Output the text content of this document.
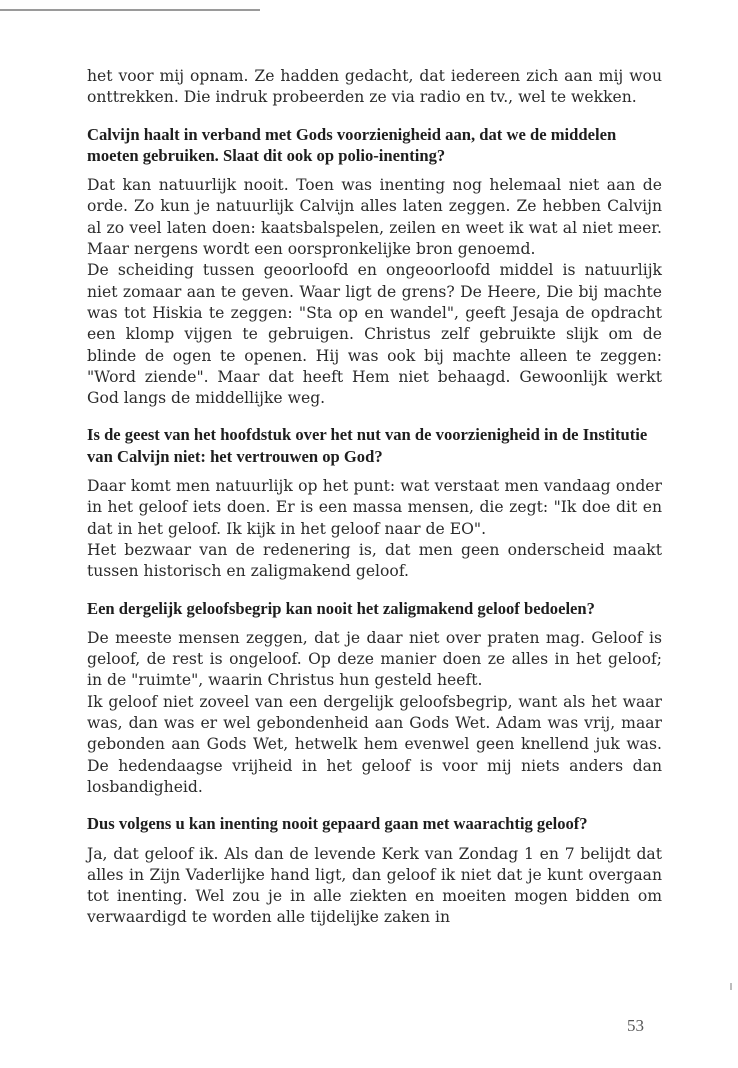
het voor mij opnam. Ze hadden gedacht, dat iedereen zich aan mij wou onttrekken. Die indruk probeerden ze via radio en tv., wel te wekken.

Calvijn haalt in verband met Gods voorzienigheid aan, dat we de middelen moeten gebruiken. Slaat dit ook op polio-inenting?

Dat kan natuurlijk nooit. Toen was inenting nog helemaal niet aan de orde. Zo kun je natuurlijk Calvijn alles laten zeggen. Ze hebben Calvijn al zo veel laten doen: kaatsbalspelen, zeilen en weet ik wat al niet meer. Maar nergens wordt een oorspronkelijke bron genoemd.

De scheiding tussen geoorloofd en ongeoorloofd middel is natuurlijk niet zomaar aan te geven. Waar ligt de grens? De Heere, Die bij machte was tot Hiskia te zeggen: "Sta op en wandel", geeft Jesaja de opdracht een klomp vijgen te gebruigen. Christus zelf gebruikte slijk om de blinde de ogen te openen. Hij was ook bij machte alleen te zeggen: "Word ziende". Maar dat heeft Hem niet behaagd. Gewoonlijk werkt God langs de middellijke weg.

Is de geest van het hoofdstuk over het nut van de voorzienigheid in de Institutie van Calvijn niet: het vertrouwen op God?

Daar komt men natuurlijk op het punt: wat verstaat men vandaag onder in het geloof iets doen. Er is een massa mensen, die zegt: "Ik doe dit en dat in het geloof. Ik kijk in het geloof naar de EO".

Het bezwaar van de redenering is, dat men geen onderscheid maakt tussen historisch en zaligmakend geloof.

Een dergelijk geloofsbegrip kan nooit het zaligmakend geloof bedoelen?

De meeste mensen zeggen, dat je daar niet over praten mag. Geloof is geloof, de rest is ongeloof. Op deze manier doen ze alles in het geloof; in de "ruimte", waarin Christus hun gesteld heeft.

Ik geloof niet zoveel van een dergelijk geloofsbegrip, want als het waar was, dan was er wel gebondenheid aan Gods Wet. Adam was vrij, maar gebonden aan Gods Wet, hetwelk hem evenwel geen knellend juk was. De hedendaagse vrijheid in het geloof is voor mij niets anders dan losbandigheid.

Dus volgens u kan inenting nooit gepaard gaan met waarachtig geloof?

Ja, dat geloof ik. Als dan de levende Kerk van Zondag 1 en 7 belijdt dat alles in Zijn Vaderlijke hand ligt, dan geloof ik niet dat je kunt overgaan tot inenting. Wel zou je in alle ziekten en moeiten mogen bidden om verwaardigd te worden alle tijdelijke zaken in

53
